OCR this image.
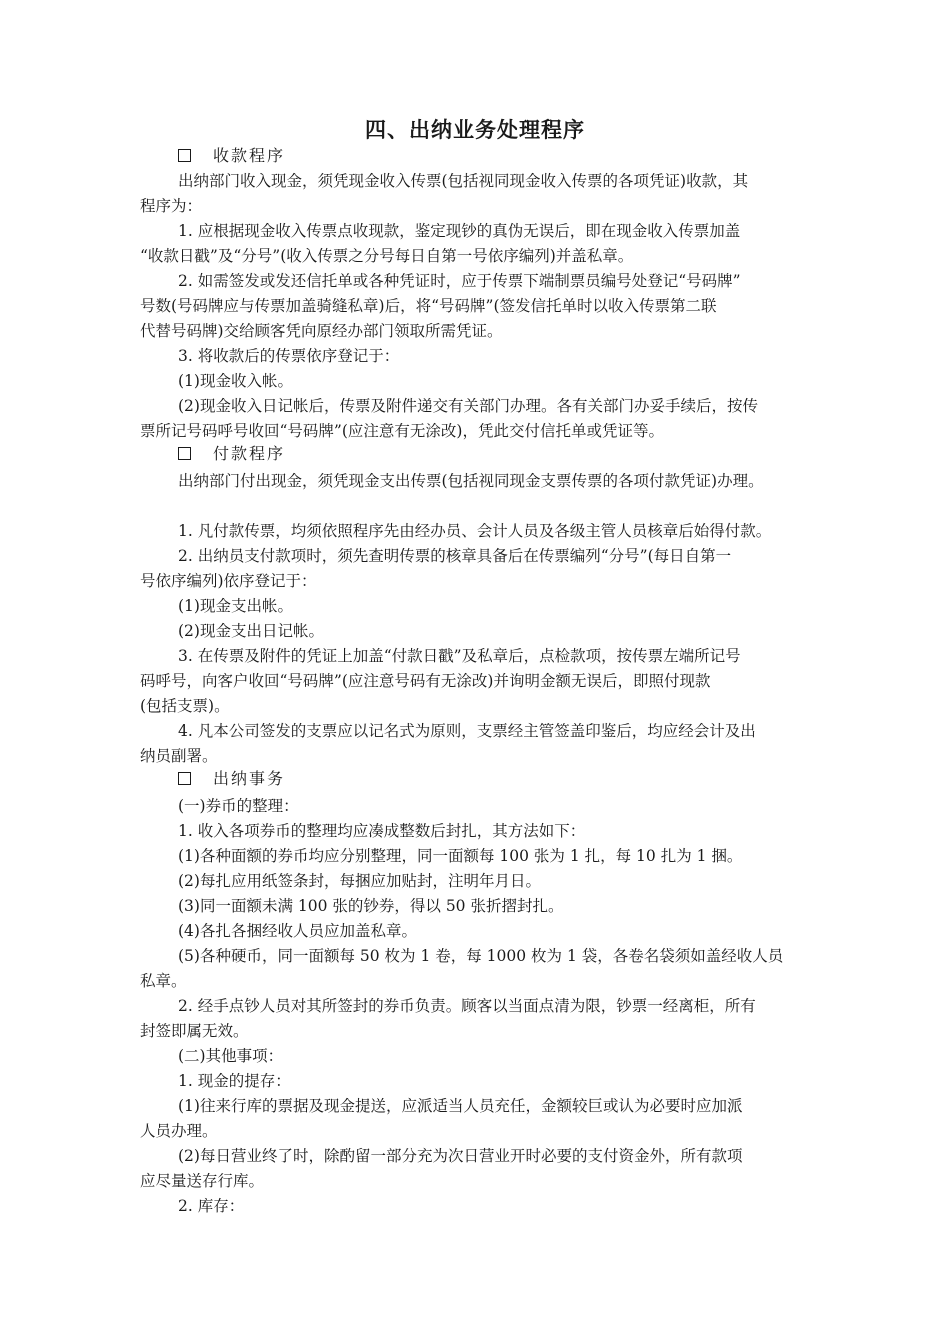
四、出纳业务处理程序
收款程序
出纳部门收入现金，须凭现金收入传票(包括视同现金收入传票的各项凭证)收款，其
程序为：
1. 应根据现金收入传票点收现款，鉴定现钞的真伪无误后，即在现金收入传票加盖
“收款日戳”及“分号”(收入传票之分号每日自第一号依序编列)并盖私章。
2. 如需签发或发还信托单或各种凭证时，应于传票下端制票员编号处登记“号码牌”
号数(号码牌应与传票加盖骑缝私章)后，将“号码牌”(签发信托单时以收入传票第二联
代替号码牌)交给顾客凭向原经办部门领取所需凭证。
3. 将收款后的传票依序登记于：
(1)现金收入帐。
(2)现金收入日记帐后，传票及附件递交有关部门办理。各有关部门办妥手续后，按传
票所记号码呼号收回“号码牌”(应注意有无涂改)，凭此交付信托单或凭证等。
付款程序
出纳部门付出现金，须凭现金支出传票(包括视同现金支票传票的各项付款凭证)办理。
1. 凡付款传票，均须依照程序先由经办员、会计人员及各级主管人员核章后始得付款。
2. 出纳员支付款项时，须先查明传票的核章具备后在传票编列“分号”(每日自第一
号依序编列)依序登记于：
(1)现金支出帐。
(2)现金支出日记帐。
3. 在传票及附件的凭证上加盖“付款日戳”及私章后，点检款项，按传票左端所记号
码呼号，向客户收回“号码牌”(应注意号码有无涂改)并询明金额无误后，即照付现款
(包括支票)。
4. 凡本公司签发的支票应以记名式为原则，支票经主管签盖印鉴后，均应经会计及出
纳员副署。
出纳事务
(一)券币的整理：
1. 收入各项券币的整理均应凑成整数后封扎，其方法如下：
(1)各种面额的券币均应分别整理，同一面额每 100 张为 1 扎，每 10 扎为 1 捆。
(2)每扎应用纸签条封，每捆应加贴封，注明年月日。
(3)同一面额未满 100 张的钞券，得以 50 张折摺封扎。
(4)各扎各捆经收人员应加盖私章。
(5)各种硬币，同一面额每 50 枚为 1 卷，每 1000 枚为 1 袋，各卷名袋须如盖经收人员
私章。
2. 经手点钞人员对其所签封的券币负责。顾客以当面点清为限，钞票一经离柜，所有
封签即属无效。
(二)其他事项：
1. 现金的提存：
(1)往来行库的票据及现金提送，应派适当人员充任，金额较巨或认为必要时应加派
人员办理。
(2)每日营业终了时，除酌留一部分充为次日营业开时必要的支付资金外，所有款项
应尽量送存行库。
2. 库存：
